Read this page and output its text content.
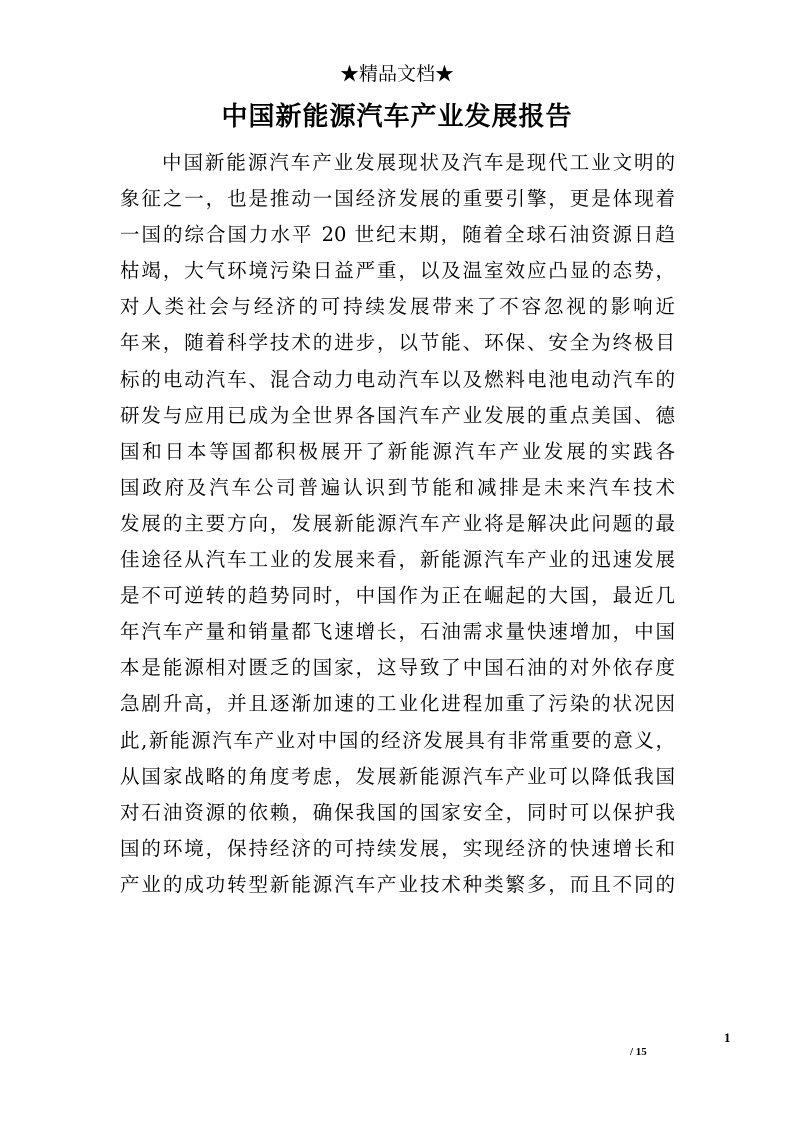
★精品文档★
中国新能源汽车产业发展报告
中国新能源汽车产业发展现状及汽车是现代工业文明的
象征之一，也是推动一国经济发展的重要引擎，更是体现着
一国的综合国力水平 20 世纪末期，随着全球石油资源日趋
枯竭，大气环境污染日益严重，以及温室效应凸显的态势，
对人类社会与经济的可持续发展带来了不容忽视的影响近
年来，随着科学技术的进步，以节能、环保、安全为终极目
标的电动汽车、混合动力电动汽车以及燃料电池电动汽车的
研发与应用已成为全世界各国汽车产业发展的重点美国、德
国和日本等国都积极展开了新能源汽车产业发展的实践各
国政府及汽车公司普遍认识到节能和减排是未来汽车技术
发展的主要方向，发展新能源汽车产业将是解决此问题的最
佳途径从汽车工业的发展来看，新能源汽车产业的迅速发展
是不可逆转的趋势同时，中国作为正在崛起的大国，最近几
年汽车产量和销量都飞速增长，石油需求量快速增加，中国
本是能源相对匮乏的国家，这导致了中国石油的对外依存度
急剧升高，并且逐渐加速的工业化进程加重了污染的状况因
此,新能源汽车产业对中国的经济发展具有非常重要的意义，
从国家战略的角度考虑，发展新能源汽车产业可以降低我国
对石油资源的依赖，确保我国的国家安全，同时可以保护我
国的环境，保持经济的可持续发展，实现经济的快速增长和
产业的成功转型新能源汽车产业技术种类繁多，而且不同的
1
/ 15
